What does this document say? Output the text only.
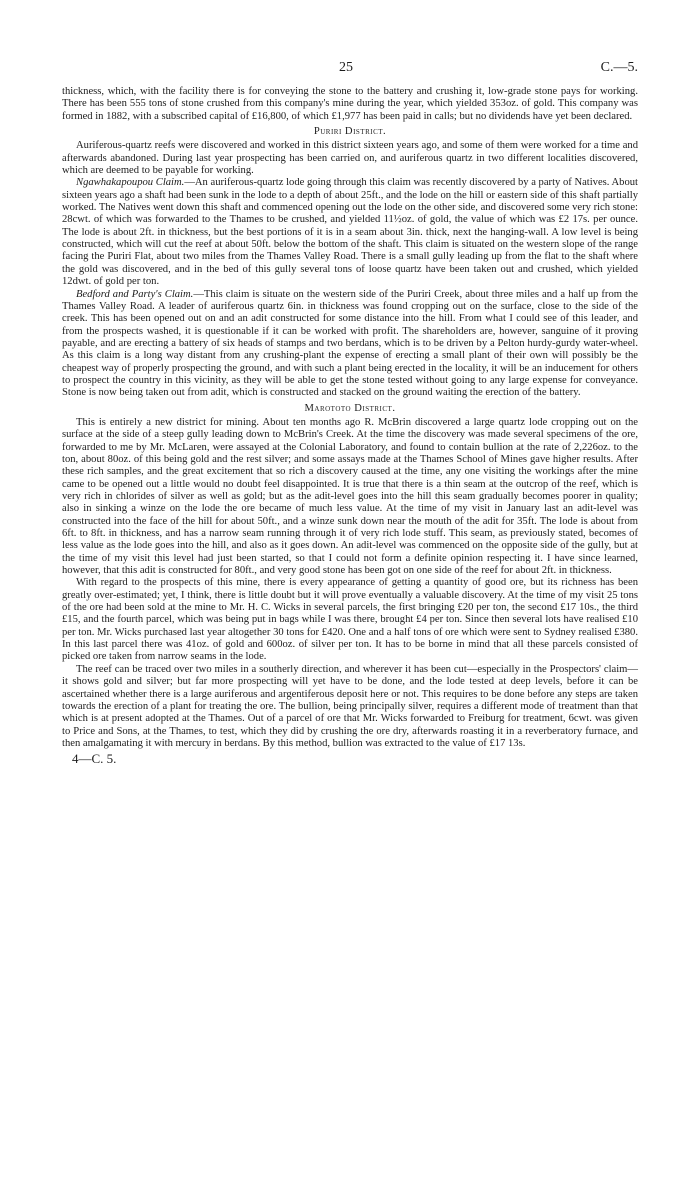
25	C.—5.

thickness, which, with the facility there is for conveying the stone to the battery and crushing it, low-grade stone pays for working. There has been 555 tons of stone crushed from this company's mine during the year, which yielded 353oz. of gold. This company was formed in 1882, with a subscribed capital of £16,800, of which £1,977 has been paid in calls; but no dividends have yet been declared.

Puriri District.

Auriferous-quartz reefs were discovered and worked in this district sixteen years ago, and some of them were worked for a time and afterwards abandoned. During last year prospecting has been carried on, and auriferous quartz in two different localities discovered, which are deemed to be payable for working.

Ngawhakapoupou Claim.—An auriferous-quartz lode going through this claim was recently discovered by a party of Natives. About sixteen years ago a shaft had been sunk in the lode to a depth of about 25ft., and the lode on the hill or eastern side of this shaft partially worked. The Natives went down this shaft and commenced opening out the lode on the other side, and discovered some very rich stone: 28cwt. of which was forwarded to the Thames to be crushed, and yielded 11½oz. of gold, the value of which was £2 17s. per ounce. The lode is about 2ft. in thickness, but the best portions of it is in a seam about 3in. thick, next the hanging-wall. A low level is being constructed, which will cut the reef at about 50ft. below the bottom of the shaft. This claim is situated on the western slope of the range facing the Puriri Flat, about two miles from the Thames Valley Road. There is a small gully leading up from the flat to the shaft where the gold was discovered, and in the bed of this gully several tons of loose quartz have been taken out and crushed, which yielded 12dwt. of gold per ton.

Bedford and Party's Claim.—This claim is situate on the western side of the Puriri Creek, about three miles and a half up from the Thames Valley Road. A leader of auriferous quartz 6in. in thickness was found cropping out on the surface, close to the side of the creek. This has been opened out on and an adit constructed for some distance into the hill. From what I could see of this leader, and from the prospects washed, it is questionable if it can be worked with profit. The shareholders are, however, sanguine of it proving payable, and are erecting a battery of six heads of stamps and two berdans, which is to be driven by a Pelton hurdy-gurdy water-wheel. As this claim is a long way distant from any crushing-plant the expense of erecting a small plant of their own will possibly be the cheapest way of properly prospecting the ground, and with such a plant being erected in the locality, it will be an inducement for others to prospect the country in this vicinity, as they will be able to get the stone tested without going to any large expense for conveyance. Stone is now being taken out from adit, which is constructed and stacked on the ground waiting the erection of the battery.

Marototo District.

This is entirely a new district for mining. About ten months ago R. McBrin discovered a large quartz lode cropping out on the surface at the side of a steep gully leading down to McBrin's Creek. At the time the discovery was made several specimens of the ore, forwarded to me by Mr. McLaren, were assayed at the Colonial Laboratory, and found to contain bullion at the rate of 2,226oz. to the ton, about 80oz. of this being gold and the rest silver; and some assays made at the Thames School of Mines gave higher results. After these rich samples, and the great excitement that so rich a discovery caused at the time, any one visiting the workings after the mine came to be opened out a little would no doubt feel disappointed. It is true that there is a thin seam at the outcrop of the reef, which is very rich in chlorides of silver as well as gold; but as the adit-level goes into the hill this seam gradually becomes poorer in quality; also in sinking a winze on the lode the ore became of much less value. At the time of my visit in January last an adit-level was constructed into the face of the hill for about 50ft., and a winze sunk down near the mouth of the adit for 35ft. The lode is about from 6ft. to 8ft. in thickness, and has a narrow seam running through it of very rich lode stuff. This seam, as previously stated, becomes of less value as the lode goes into the hill, and also as it goes down. An adit-level was commenced on the opposite side of the gully, but at the time of my visit this level had just been started, so that I could not form a definite opinion respecting it. I have since learned, however, that this adit is constructed for 80ft., and very good stone has been got on one side of the reef for about 2ft. in thickness.

With regard to the prospects of this mine, there is every appearance of getting a quantity of good ore, but its richness has been greatly over-estimated; yet, I think, there is little doubt but it will prove eventually a valuable discovery. At the time of my visit 25 tons of the ore had been sold at the mine to Mr. H. C. Wicks in several parcels, the first bringing £20 per ton, the second £17 10s., the third £15, and the fourth parcel, which was being put in bags while I was there, brought £4 per ton. Since then several lots have realised £10 per ton. Mr. Wicks purchased last year altogether 30 tons for £420. One and a half tons of ore which were sent to Sydney realised £380. In this last parcel there was 41oz. of gold and 600oz. of silver per ton. It has to be borne in mind that all these parcels consisted of picked ore taken from narrow seams in the lode.

The reef can be traced over two miles in a southerly direction, and wherever it has been cut—especially in the Prospectors' claim—it shows gold and silver; but far more prospecting will yet have to be done, and the lode tested at deep levels, before it can be ascertained whether there is a large auriferous and argentiferous deposit here or not. This requires to be done before any steps are taken towards the erection of a plant for treating the ore. The bullion, being principally silver, requires a different mode of treatment than that which is at present adopted at the Thames. Out of a parcel of ore that Mr. Wicks forwarded to Freiburg for treatment, 6cwt. was given to Price and Sons, at the Thames, to test, which they did by crushing the ore dry, afterwards roasting it in a reverberatory furnace, and then amalgamating it with mercury in berdans. By this method, bullion was extracted to the value of £17 13s.

4—C. 5.
